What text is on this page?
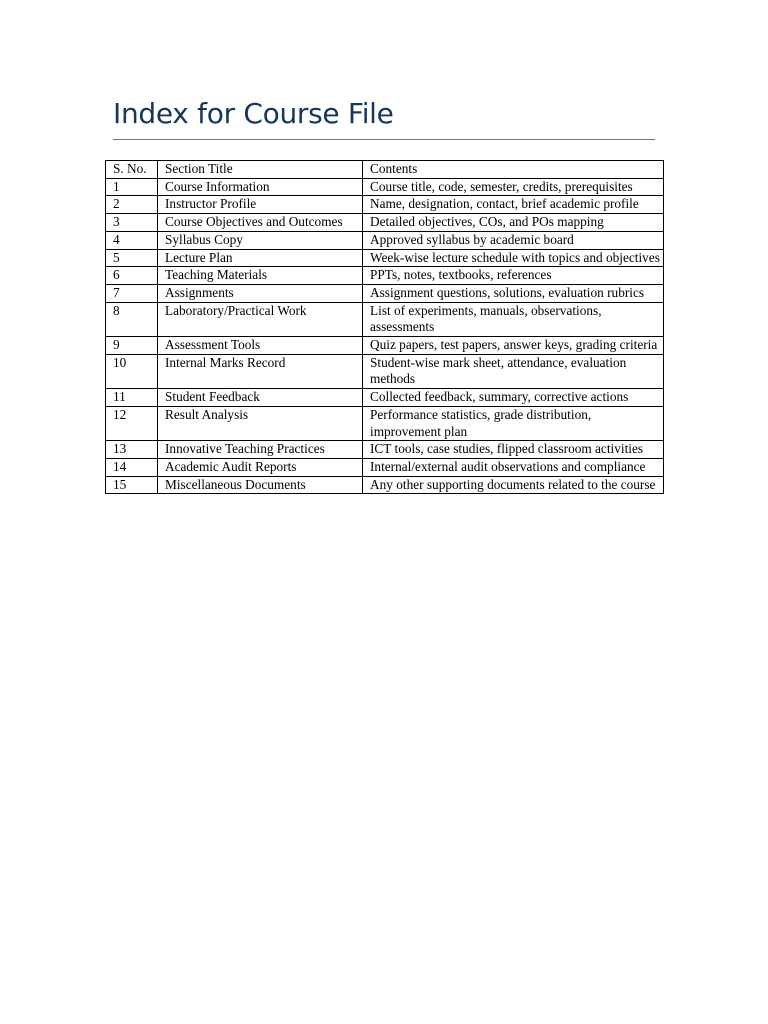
Index for Course File
S. No.	Section Title	Contents
1	Course Information	Course title, code, semester, credits, prerequisites
2	Instructor Profile	Name, designation, contact, brief academic profile
3	Course Objectives and Outcomes	Detailed objectives, COs, and POs mapping
4	Syllabus Copy	Approved syllabus by academic board
5	Lecture Plan	Week-wise lecture schedule with topics and objectives
6	Teaching Materials	PPTs, notes, textbooks, references
7	Assignments	Assignment questions, solutions, evaluation rubrics
8	Laboratory/Practical Work	List of experiments, manuals, observations, assessments
9	Assessment Tools	Quiz papers, test papers, answer keys, grading criteria
10	Internal Marks Record	Student-wise mark sheet, attendance, evaluation methods
11	Student Feedback	Collected feedback, summary, corrective actions
12	Result Analysis	Performance statistics, grade distribution, improvement plan
13	Innovative Teaching Practices	ICT tools, case studies, flipped classroom activities
14	Academic Audit Reports	Internal/external audit observations and compliance
15	Miscellaneous Documents	Any other supporting documents related to the course
